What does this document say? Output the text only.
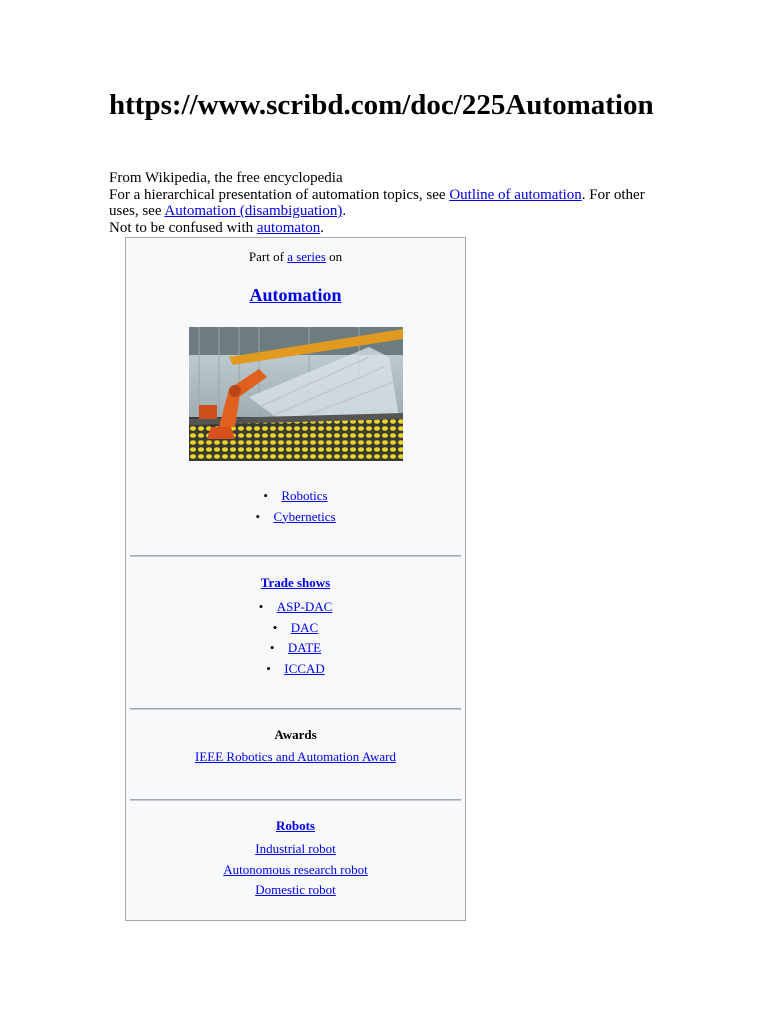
https://www.scribd.com/doc/225Automation

From Wikipedia, the free encyclopedia

For a hierarchical presentation of automation topics, see Outline of automation. For other uses, see Automation (disambiguation).

Not to be confused with automaton.

Part of a series on
Automation
• Robotics
• Cybernetics
Trade shows
• ASP-DAC
• DAC
• DATE
• ICCAD
Awards
IEEE Robotics and Automation Award
Robots
Industrial robot
Autonomous research robot
Domestic robot
